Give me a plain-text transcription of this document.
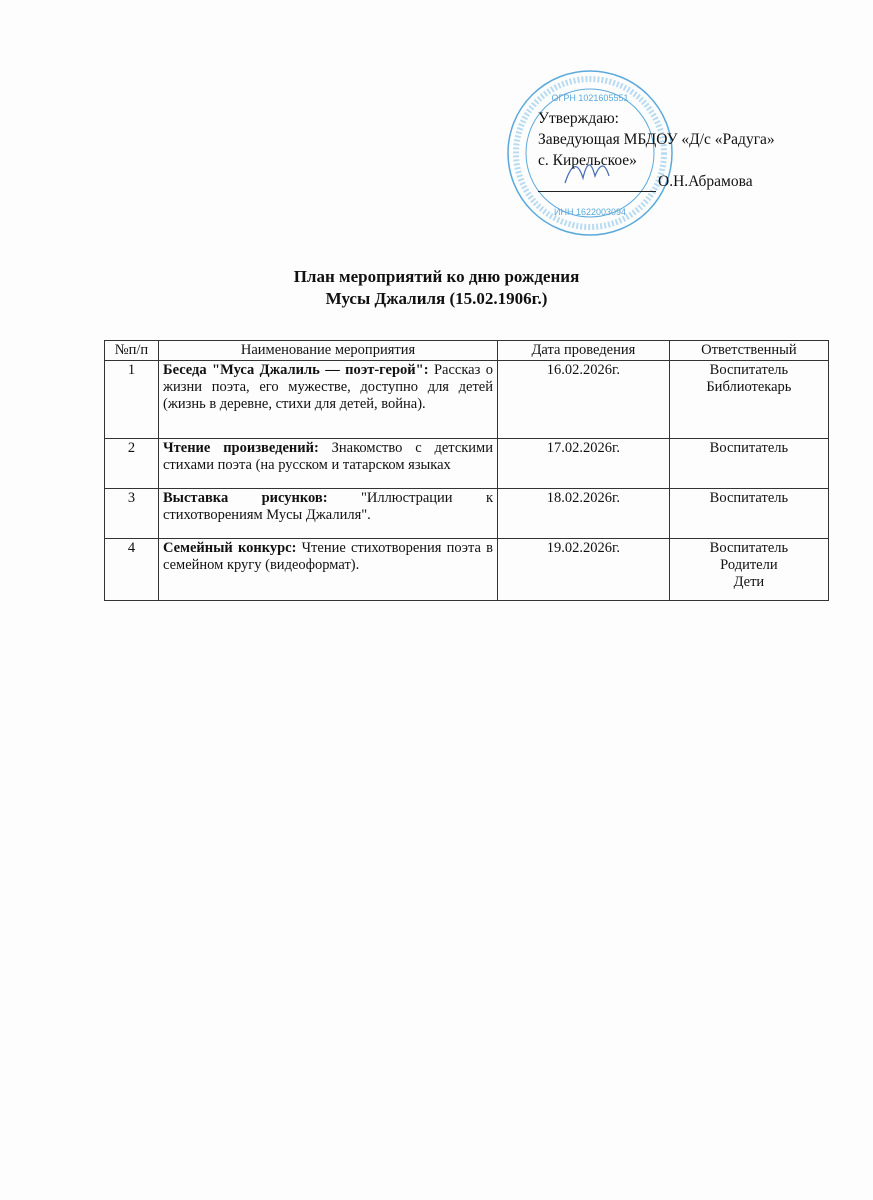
ОГРН 1021605551
ИНН 1622003094
Утверждаю:
Заведующая МБДОУ «Д/с «Радуга»
с. Кирельское»
О.Н.Абрамова
План мероприятий ко дню рождения
Мусы Джалиля (15.02.1906г.)
№п/п	Наименование мероприятия	Дата проведения	Ответственный
1	Беседа "Муса Джалиль — поэт-герой": Рассказ о жизни поэта, его мужестве, доступно для детей (жизнь в деревне, стихи для детей, война).	16.02.2026г.	Воспитатель
Библиотекарь

2	Чтение произведений: Знакомство с детскими стихами поэта (на русском и татарском языках	17.02.2026г.	Воспитатель

3	Выставка рисунков: "Иллюстрации к стихотворениям Мусы Джалиля".	18.02.2026г.	Воспитатель

4	Семейный конкурс: Чтение стихотворения поэта в семейном кругу (видеоформат).	19.02.2026г.	Воспитатель
Родители
Дети
